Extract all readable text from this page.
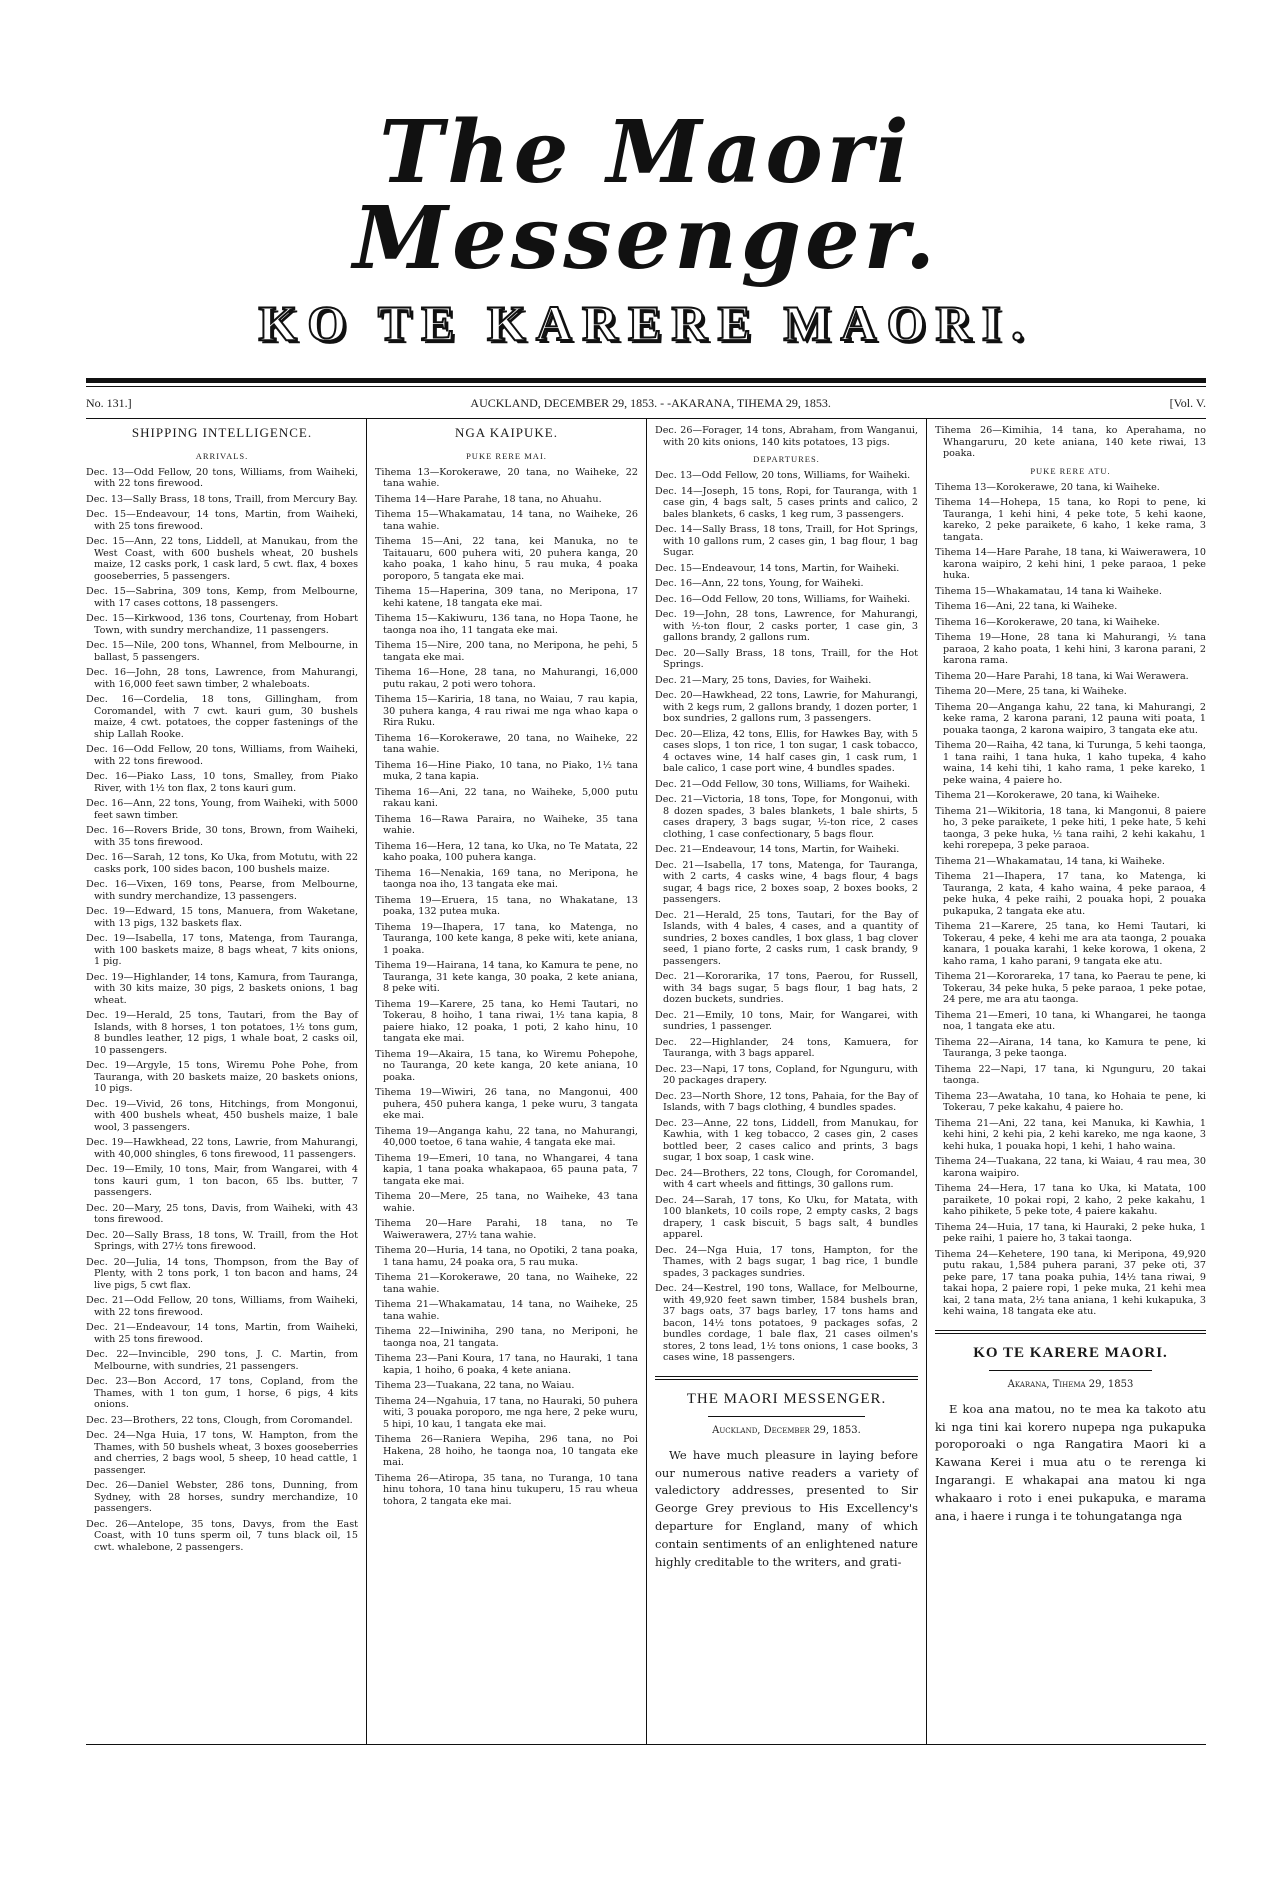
The Maori Messenger.
KO TE KARERE MAORI.
No. 131.]	AUCKLAND, DECEMBER 29, 1853. - -AKARANA, TIHEMA 29, 1853.	[Vol. V.
SHIPPING INTELLIGENCE.
ARRIVALS.

Dec. 13—Odd Fellow, 20 tons, Williams, from Waiheki, with 22 tons firewood.

Dec. 13—Sally Brass, 18 tons, Traill, from Mercury Bay.

Dec. 15—Endeavour, 14 tons, Martin, from Waiheki, with 25 tons firewood.

Dec. 15—Ann, 22 tons, Liddell, at Manukau, from the West Coast, with 600 bushels wheat, 20 bushels maize, 12 casks pork, 1 cask lard, 5 cwt. flax, 4 boxes gooseberries, 5 passengers.

Dec. 15—Sabrina, 309 tons, Kemp, from Melbourne, with 17 cases cottons, 18 passengers.

Dec. 15—Kirkwood, 136 tons, Courtenay, from Hobart Town, with sundry merchandize, 11 passengers.

Dec. 15—Nile, 200 tons, Whannel, from Melbourne, in ballast, 5 passengers.

Dec. 16—John, 28 tons, Lawrence, from Mahurangi, with 16,000 feet sawn timber, 2 whaleboats.

Dec. 16—Cordelia, 18 tons, Gillingham, from Coromandel, with 7 cwt. kauri gum, 30 bushels maize, 4 cwt. potatoes, the copper fastenings of the ship Lallah Rooke.

Dec. 16—Odd Fellow, 20 tons, Williams, from Waiheki, with 22 tons firewood.

Dec. 16—Piako Lass, 10 tons, Smalley, from Piako River, with 1½ ton flax, 2 tons kauri gum.

Dec. 16—Ann, 22 tons, Young, from Waiheki, with 5000 feet sawn timber.

Dec. 16—Rovers Bride, 30 tons, Brown, from Waiheki, with 35 tons firewood.

Dec. 16—Sarah, 12 tons, Ko Uka, from Motutu, with 22 casks pork, 100 sides bacon, 100 bushels maize.

Dec. 16—Vixen, 169 tons, Pearse, from Melbourne, with sundry merchandize, 13 passengers.

Dec. 19—Edward, 15 tons, Manuera, from Waketane, with 13 pigs, 132 baskets flax.

Dec. 19—Isabella, 17 tons, Matenga, from Tauranga, with 100 baskets maize, 8 bags wheat, 7 kits onions, 1 pig.

Dec. 19—Highlander, 14 tons, Kamura, from Tauranga, with 30 kits maize, 30 pigs, 2 baskets onions, 1 bag wheat.

Dec. 19—Herald, 25 tons, Tautari, from the Bay of Islands, with 8 horses, 1 ton potatoes, 1½ tons gum, 8 bundles leather, 12 pigs, 1 whale boat, 2 casks oil, 10 passengers.

Dec. 19—Argyle, 15 tons, Wiremu Pohe Pohe, from Tauranga, with 20 baskets maize, 20 baskets onions, 10 pigs.

Dec. 19—Vivid, 26 tons, Hitchings, from Mongonui, with 400 bushels wheat, 450 bushels maize, 1 bale wool, 3 passengers.

Dec. 19—Hawkhead, 22 tons, Lawrie, from Mahurangi, with 40,000 shingles, 6 tons firewood, 11 passengers.

Dec. 19—Emily, 10 tons, Mair, from Wangarei, with 4 tons kauri gum, 1 ton bacon, 65 lbs. butter, 7 passengers.

Dec. 20—Mary, 25 tons, Davis, from Waiheki, with 43 tons firewood.

Dec. 20—Sally Brass, 18 tons, W. Traill, from the Hot Springs, with 27½ tons firewood.

Dec. 20—Julia, 14 tons, Thompson, from the Bay of Plenty, with 2 tons pork, 1 ton bacon and hams, 24 live pigs, 5 cwt flax.

Dec. 21—Odd Fellow, 20 tons, Williams, from Waiheki, with 22 tons firewood.

Dec. 21—Endeavour, 14 tons, Martin, from Waiheki, with 25 tons firewood.

Dec. 22—Invincible, 290 tons, J. C. Martin, from Melbourne, with sundries, 21 passengers.

Dec. 23—Bon Accord, 17 tons, Copland, from the Thames, with 1 ton gum, 1 horse, 6 pigs, 4 kits onions.

Dec. 23—Brothers, 22 tons, Clough, from Coromandel.

Dec. 24—Nga Huia, 17 tons, W. Hampton, from the Thames, with 50 bushels wheat, 3 boxes gooseberries and cherries, 2 bags wool, 5 sheep, 10 head cattle, 1 passenger.

Dec. 26—Daniel Webster, 286 tons, Dunning, from Sydney, with 28 horses, sundry merchandize, 10 passengers.

Dec. 26—Antelope, 35 tons, Davys, from the East Coast, with 10 tuns sperm oil, 7 tuns black oil, 15 cwt. whalebone, 2 passengers.

NGA KAIPUKE.
PUKE RERE MAI.

Tihema 13—Korokerawe, 20 tana, no Waiheke, 22 tana wahie.

Tihema 14—Hare Parahe, 18 tana, no Ahuahu.

Tihema 15—Whakamatau, 14 tana, no Waiheke, 26 tana wahie.

Tihema 15—Ani, 22 tana, kei Manuka, no te Taitauaru, 600 puhera witi, 20 puhera kanga, 20 kaho poaka, 1 kaho hinu, 5 rau muka, 4 poaka poroporo, 5 tangata eke mai.

Tihema 15—Haperina, 309 tana, no Meripona, 17 kehi katene, 18 tangata eke mai.

Tihema 15—Kakiwuru, 136 tana, no Hopa Taone, he taonga noa iho, 11 tangata eke mai.

Tihema 15—Nire, 200 tana, no Meripona, he pehi, 5 tangata eke mai.

Tihema 16—Hone, 28 tana, no Mahurangi, 16,000 putu rakau, 2 poti wero tohora.

Tihema 15—Kariria, 18 tana, no Waiau, 7 rau kapia, 30 puhera kanga, 4 rau riwai me nga whao kapa o Rira Ruku.

Tihema 16—Korokerawe, 20 tana, no Waiheke, 22 tana wahie.

Tihema 16—Hine Piako, 10 tana, no Piako, 1½ tana muka, 2 tana kapia.

Tihema 16—Ani, 22 tana, no Waiheke, 5,000 putu rakau kani.

Tihema 16—Rawa Paraira, no Waiheke, 35 tana wahie.

Tihema 16—Hera, 12 tana, ko Uka, no Te Matata, 22 kaho poaka, 100 puhera kanga.

Tihema 16—Nenakia, 169 tana, no Meripona, he taonga noa iho, 13 tangata eke mai.

Tihema 19—Eruera, 15 tana, no Whakatane, 13 poaka, 132 putea muka.

Tihema 19—Ihapera, 17 tana, ko Matenga, no Tauranga, 100 kete kanga, 8 peke witi, kete aniana, 1 poaka.

Tihema 19—Hairana, 14 tana, ko Kamura te pene, no Tauranga, 31 kete kanga, 30 poaka, 2 kete aniana, 8 peke witi.

Tihema 19—Karere, 25 tana, ko Hemi Tautari, no Tokerau, 8 hoiho, 1 tana riwai, 1½ tana kapia, 8 paiere hiako, 12 poaka, 1 poti, 2 kaho hinu, 10 tangata eke mai.

Tihema 19—Akaira, 15 tana, ko Wiremu Pohepohe, no Tauranga, 20 kete kanga, 20 kete aniana, 10 poaka.

Tihema 19—Wiwiri, 26 tana, no Mangonui, 400 puhera, 450 puhera kanga, 1 peke wuru, 3 tangata eke mai.

Tihema 19—Anganga kahu, 22 tana, no Mahurangi, 40,000 toetoe, 6 tana wahie, 4 tangata eke mai.

Tihema 19—Emeri, 10 tana, no Whangarei, 4 tana kapia, 1 tana poaka whakapaoa, 65 pauna pata, 7 tangata eke mai.

Tihema 20—Mere, 25 tana, no Waiheke, 43 tana wahie.

Tihema 20—Hare Parahi, 18 tana, no Te Waiwerawera, 27½ tana wahie.

Tihema 20—Huria, 14 tana, no Opotiki, 2 tana poaka, 1 tana hamu, 24 poaka ora, 5 rau muka.

Tihema 21—Korokerawe, 20 tana, no Waiheke, 22 tana wahie.

Tihema 21—Whakamatau, 14 tana, no Waiheke, 25 tana wahie.

Tihema 22—Iniwiniha, 290 tana, no Meriponi, he taonga noa, 21 tangata.

Tihema 23—Pani Koura, 17 tana, no Hauraki, 1 tana kapia, 1 hoiho, 6 poaka, 4 kete aniana.

Tihema 23—Tuakana, 22 tana, no Waiau.

Tihema 24—Ngahuia, 17 tana, no Hauraki, 50 puhera witi, 3 pouaka poroporo, me nga here, 2 peke wuru, 5 hipi, 10 kau, 1 tangata eke mai.

Tihema 26—Raniera Wepiha, 296 tana, no Poi Hakena, 28 hoiho, he taonga noa, 10 tangata eke mai.

Tihema 26—Atiropa, 35 tana, no Turanga, 10 tana hinu tohora, 10 tana hinu tukuperu, 15 rau wheua tohora, 2 tangata eke mai.

Dec. 26—Forager, 14 tons, Abraham, from Wanganui, with 20 kits onions, 140 kits potatoes, 13 pigs.

DEPARTURES.

Dec. 13—Odd Fellow, 20 tons, Williams, for Waiheki.

Dec. 14—Joseph, 15 tons, Ropi, for Tauranga, with 1 case gin, 4 bags salt, 5 cases prints and calico, 2 bales blankets, 6 casks, 1 keg rum, 3 passengers.

Dec. 14—Sally Brass, 18 tons, Traill, for Hot Springs, with 10 gallons rum, 2 cases gin, 1 bag flour, 1 bag Sugar.

Dec. 15—Endeavour, 14 tons, Martin, for Waiheki.

Dec. 16—Ann, 22 tons, Young, for Waiheki.

Dec. 16—Odd Fellow, 20 tons, Williams, for Waiheki.

Dec. 19—John, 28 tons, Lawrence, for Mahurangi, with ½-ton flour, 2 casks porter, 1 case gin, 3 gallons brandy, 2 gallons rum.

Dec. 20—Sally Brass, 18 tons, Traill, for the Hot Springs.

Dec. 21—Mary, 25 tons, Davies, for Waiheki.

Dec. 20—Hawkhead, 22 tons, Lawrie, for Mahurangi, with 2 kegs rum, 2 gallons brandy, 1 dozen porter, 1 box sundries, 2 gallons rum, 3 passengers.

Dec. 20—Eliza, 42 tons, Ellis, for Hawkes Bay, with 5 cases slops, 1 ton rice, 1 ton sugar, 1 cask tobacco, 4 octaves wine, 14 half cases gin, 1 cask rum, 1 bale calico, 1 case port wine, 4 bundles spades.

Dec. 21—Odd Fellow, 30 tons, Williams, for Waiheki.

Dec. 21—Victoria, 18 tons, Tope, for Mongonui, with 8 dozen spades, 3 bales blankets, 1 bale shirts, 5 cases drapery, 3 bags sugar, ½-ton rice, 2 cases clothing, 1 case confectionary, 5 bags flour.

Dec. 21—Endeavour, 14 tons, Martin, for Waiheki.

Dec. 21—Isabella, 17 tons, Matenga, for Tauranga, with 2 carts, 4 casks wine, 4 bags flour, 4 bags sugar, 4 bags rice, 2 boxes soap, 2 boxes books, 2 passengers.

Dec. 21—Herald, 25 tons, Tautari, for the Bay of Islands, with 4 bales, 4 cases, and a quantity of sundries, 2 boxes candles, 1 box glass, 1 bag clover seed, 1 piano forte, 2 casks rum, 1 cask brandy, 9 passengers.

Dec. 21—Kororarika, 17 tons, Paerou, for Russell, with 34 bags sugar, 5 bags flour, 1 bag hats, 2 dozen buckets, sundries.

Dec. 21—Emily, 10 tons, Mair, for Wangarei, with sundries, 1 passenger.

Dec. 22—Highlander, 24 tons, Kamuera, for Tauranga, with 3 bags apparel.

Dec. 23—Napi, 17 tons, Copland, for Ngunguru, with 20 packages drapery.

Dec. 23—North Shore, 12 tons, Pahaia, for the Bay of Islands, with 7 bags clothing, 4 bundles spades.

Dec. 23—Anne, 22 tons, Liddell, from Manukau, for Kawhia, with 1 keg tobacco, 2 cases gin, 2 cases bottled beer, 2 cases calico and prints, 3 bags sugar, 1 box soap, 1 cask wine.

Dec. 24—Brothers, 22 tons, Clough, for Coromandel, with 4 cart wheels and fittings, 30 gallons rum.

Dec. 24—Sarah, 17 tons, Ko Uku, for Matata, with 100 blankets, 10 coils rope, 2 empty casks, 2 bags drapery, 1 cask biscuit, 5 bags salt, 4 bundles apparel.

Dec. 24—Nga Huia, 17 tons, Hampton, for the Thames, with 2 bags sugar, 1 bag rice, 1 bundle spades, 3 packages sundries.

Dec. 24—Kestrel, 190 tons, Wallace, for Melbourne, with 49,920 feet sawn timber, 1584 bushels bran, 37 bags oats, 37 bags barley, 17 tons hams and bacon, 14½ tons potatoes, 9 packages sofas, 2 bundles cordage, 1 bale flax, 21 cases oilmen's stores, 2 tons lead, 1½ tons onions, 1 case books, 3 cases wine, 18 passengers.

THE MAORI MESSENGER.
Auckland, December 29, 1853.

We have much pleasure in laying before our numerous native readers a variety of valedictory addresses, presented to Sir George Grey previous to His Excellency's departure for England, many of which contain sentiments of an enlightened nature highly creditable to the writers, and grati-

Tihema 26—Kimihia, 14 tana, ko Aperahama, no Whangaruru, 20 kete aniana, 140 kete riwai, 13 poaka.

PUKE RERE ATU.

Tihema 13—Korokerawe, 20 tana, ki Waiheke.

Tihema 14—Hohepa, 15 tana, ko Ropi to pene, ki Tauranga, 1 kehi hini, 4 peke tote, 5 kehi kaone, kareko, 2 peke paraikete, 6 kaho, 1 keke rama, 3 tangata.

Tihema 14—Hare Parahe, 18 tana, ki Waiwerawera, 10 karona waipiro, 2 kehi hini, 1 peke paraoa, 1 peke huka.

Tihema 15—Whakamatau, 14 tana ki Waiheke.

Tihema 16—Ani, 22 tana, ki Waiheke.

Tihema 16—Korokerawe, 20 tana, ki Waiheke.

Tihema 19—Hone, 28 tana ki Mahurangi, ½ tana paraoa, 2 kaho poata, 1 kehi hini, 3 karona parani, 2 karona rama.

Tihema 20—Hare Parahi, 18 tana, ki Wai Werawera.

Tihema 20—Mere, 25 tana, ki Waiheke.

Tihema 20—Anganga kahu, 22 tana, ki Mahurangi, 2 keke rama, 2 karona parani, 12 pauna witi poata, 1 pouaka taonga, 2 karona waipiro, 3 tangata eke atu.

Tihema 20—Raiha, 42 tana, ki Turunga, 5 kehi taonga, 1 tana raihi, 1 tana huka, 1 kaho tupeka, 4 kaho waina, 14 kehi tihi, 1 kaho rama, 1 peke kareko, 1 peke waina, 4 paiere ho.

Tihema 21—Korokerawe, 20 tana, ki Waiheke.

Tihema 21—Wikitoria, 18 tana, ki Mangonui, 8 paiere ho, 3 peke paraikete, 1 peke hiti, 1 peke hate, 5 kehi taonga, 3 peke huka, ½ tana raihi, 2 kehi kakahu, 1 kehi rorepepa, 3 peke paraoa.

Tihema 21—Whakamatau, 14 tana, ki Waiheke.

Tihema 21—Ihapera, 17 tana, ko Matenga, ki Tauranga, 2 kata, 4 kaho waina, 4 peke paraoa, 4 peke huka, 4 peke raihi, 2 pouaka hopi, 2 pouaka pukapuka, 2 tangata eke atu.

Tihema 21—Karere, 25 tana, ko Hemi Tautari, ki Tokerau, 4 peke, 4 kehi me ara ata taonga, 2 pouaka kanara, 1 pouaka karahi, 1 keke korowa, 1 okena, 2 kaho rama, 1 kaho parani, 9 tangata eke atu.

Tihema 21—Kororareka, 17 tana, ko Paerau te pene, ki Tokerau, 34 peke huka, 5 peke paraoa, 1 peke potae, 24 pere, me ara atu taonga.

Tihema 21—Emeri, 10 tana, ki Whangarei, he taonga noa, 1 tangata eke atu.

Tihema 22—Airana, 14 tana, ko Kamura te pene, ki Tauranga, 3 peke taonga.

Tihema 22—Napi, 17 tana, ki Ngunguru, 20 takai taonga.

Tihema 23—Awataha, 10 tana, ko Hohaia te pene, ki Tokerau, 7 peke kakahu, 4 paiere ho.

Tihema 21—Ani, 22 tana, kei Manuka, ki Kawhia, 1 kehi hini, 2 kehi pia, 2 kehi kareko, me nga kaone, 3 kehi huka, 1 pouaka hopi, 1 kehi, 1 haho waina.

Tihema 24—Tuakana, 22 tana, ki Waiau, 4 rau mea, 30 karona waipiro.

Tihema 24—Hera, 17 tana ko Uka, ki Matata, 100 paraikete, 10 pokai ropi, 2 kaho, 2 peke kakahu, 1 kaho pihikete, 5 peke tote, 4 paiere kakahu.

Tihema 24—Huia, 17 tana, ki Hauraki, 2 peke huka, 1 peke raihi, 1 paiere ho, 3 takai taonga.

Tihema 24—Kehetere, 190 tana, ki Meripona, 49,920 putu rakau, 1,584 puhera parani, 37 peke oti, 37 peke pare, 17 tana poaka puhia, 14½ tana riwai, 9 takai hopa, 2 paiere ropi, 1 peke muka, 21 kehi mea kai, 2 tana mata, 2½ tana aniana, 1 kehi kukapuka, 3 kehi waina, 18 tangata eke atu.

KO TE KARERE MAORI.
Akarana, Tihema 29, 1853

E koa ana matou, no te mea ka takoto atu ki nga tini kai korero nupepa nga pukapuka poroporoaki o nga Rangatira Maori ki a Kawana Kerei i mua atu o te rerenga ki Ingarangi. E whakapai ana matou ki nga whakaaro i roto i enei pukapuka, e marama ana, i haere i runga i te tohungatanga nga
